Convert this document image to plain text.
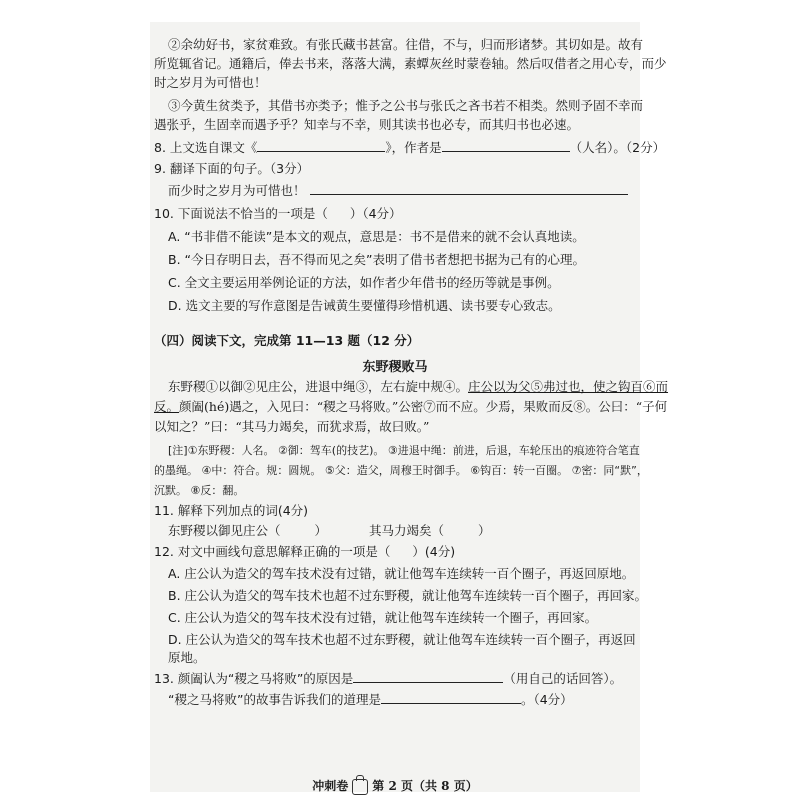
②余幼好书，家贫难致。有张氏藏书甚富。往借，不与，归而形诸梦。其切如是。故有
所览辄省记。通籍后，俸去书来，落落大满，素蟫灰丝时蒙卷轴。然后叹借者之用心专，而少
时之岁月为可惜也！
③今黄生贫类予，其借书亦类予；惟予之公书与张氏之吝书若不相类。然则予固不幸而
遇张乎，生固幸而遇予乎？知幸与不幸，则其读书也必专，而其归书也必速。
8. 上文选自课文《	》，作者是	（人名）。（2分）
9. 翻译下面的句子。（3分）
而少时之岁月为可惜也！
10. 下面说法不恰当的一项是（ ）（4分）
A. “书非借不能读”是本文的观点，意思是：书不是借来的就不会认真地读。
B. “今日存明日去，吾不得而见之矣”表明了借书者想把书据为己有的心理。
C. 全文主要运用举例论证的方法，如作者少年借书的经历等就是事例。
D. 选文主要的写作意图是告诫黄生要懂得珍惜机遇、读书要专心致志。
（四）阅读下文，完成第 11—13 题（12 分）
东野稷败马
东野稷①以御②见庄公，进退中绳③，左右旋中规④。庄公以为父⑤弗过也，使之钩百⑥而
反。颜阖(hé)遇之，入见曰：“稷之马将败。”公密⑦而不应。少焉，果败而反⑧。公曰：“子何
以知之？”曰：“其马力竭矣，而犹求焉，故曰败。”
[注]①东野稷：人名。 ②御：驾车(的技艺)。 ③进退中绳：前进，后退，车轮压出的痕迹符合笔直
的墨绳。 ④中：符合。规：圆规。 ⑤父：造父，周穆王时御手。 ⑥钩百：转一百圈。 ⑦密：同“默”，
沉默。 ⑧反：翻。
11. 解释下列加点的词(4分)
东野稷以御见庄公（	）	其马力竭矣（	）
12. 对文中画线句意思解释正确的一项是（ ）(4分)
A. 庄公认为造父的驾车技术没有过错，就让他驾车连续转一百个圈子，再返回原地。
B. 庄公认为造父的驾车技术也超不过东野稷，就让他驾车连续转一百个圈子，再回家。
C. 庄公认为造父的驾车技术没有过错，就让他驾车连续转一个圈子，再回家。
D. 庄公认为造父的驾车技术也超不过东野稷，就让他驾车连续转一百个圈子，再返回
原地。
13. 颜阖认为“稷之马将败”的原因是	（用自己的话回答）。
“稷之马将败”的故事告诉我们的道理是	。（4分）
冲刺卷 第 2 页（共 8 页）
